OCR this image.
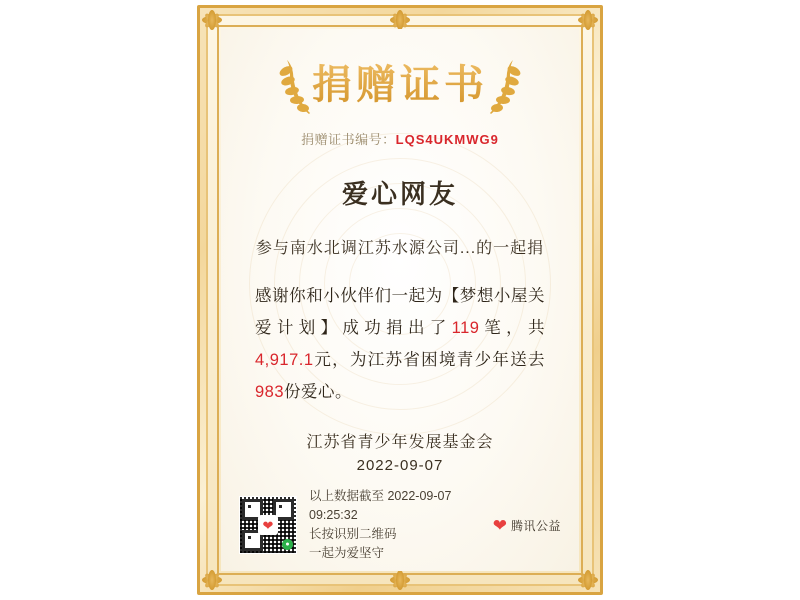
捐赠证书
捐赠证书编号：LQS4UKMWG9
爱心网友
参与南水北调江苏水源公司...的一起捐
感谢你和小伙伴们一起为【梦想小屋关爱计划】成功捐出了119笔，共4,917.1元，为江苏省困境青少年送去983份爱心。
江苏省青少年发展基金会
2022-09-07
❤
●
以上数据截至 2022-09-07 09:25:32
长按识别二维码
一起为爱坚守
❤ 腾讯公益
